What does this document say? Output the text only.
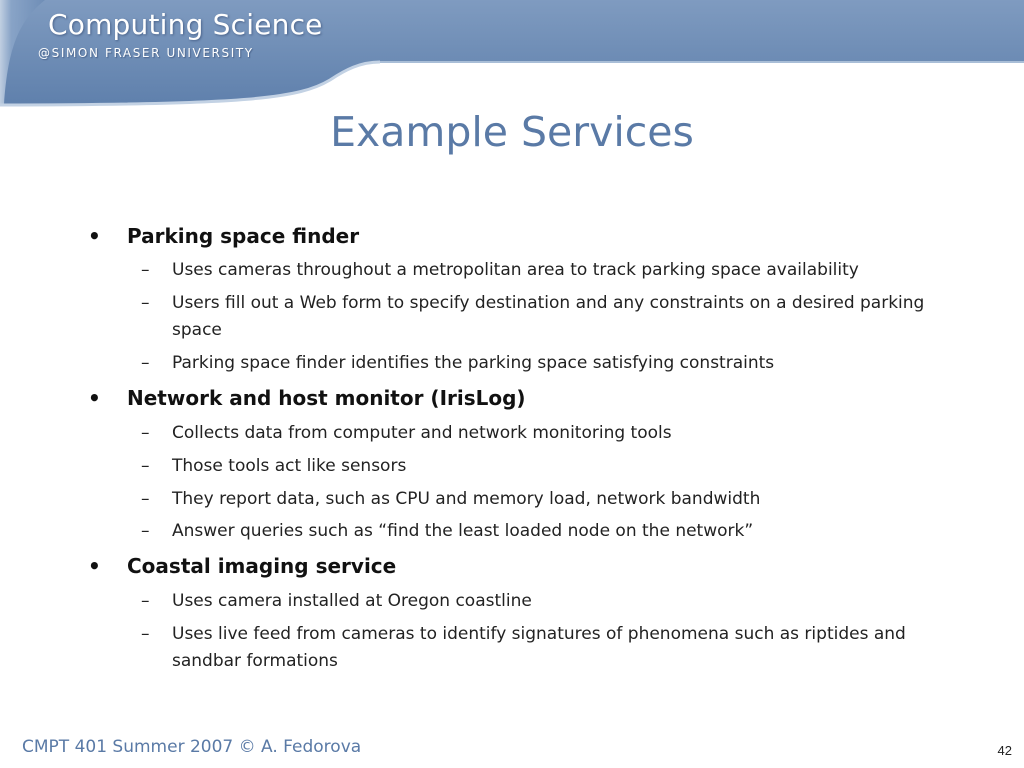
Computing Science
@SIMON FRASER UNIVERSITY
Example Services
• Parking space finder
– Uses cameras throughout a metropolitan area to track parking space availability
– Users fill out a Web form to specify destination and any constraints on a desired parking space
– Parking space finder identifies the parking space satisfying constraints
• Network and host monitor (IrisLog)
– Collects data from computer and network monitoring tools
– Those tools act like sensors
– They report data, such as CPU and memory load, network bandwidth
– Answer queries such as “find the least loaded node on the network”
• Coastal imaging service
– Uses camera installed at Oregon coastline
– Uses live feed from cameras to identify signatures of phenomena such as riptides and sandbar formations
CMPT 401 Summer 2007 © A. Fedorova	42
